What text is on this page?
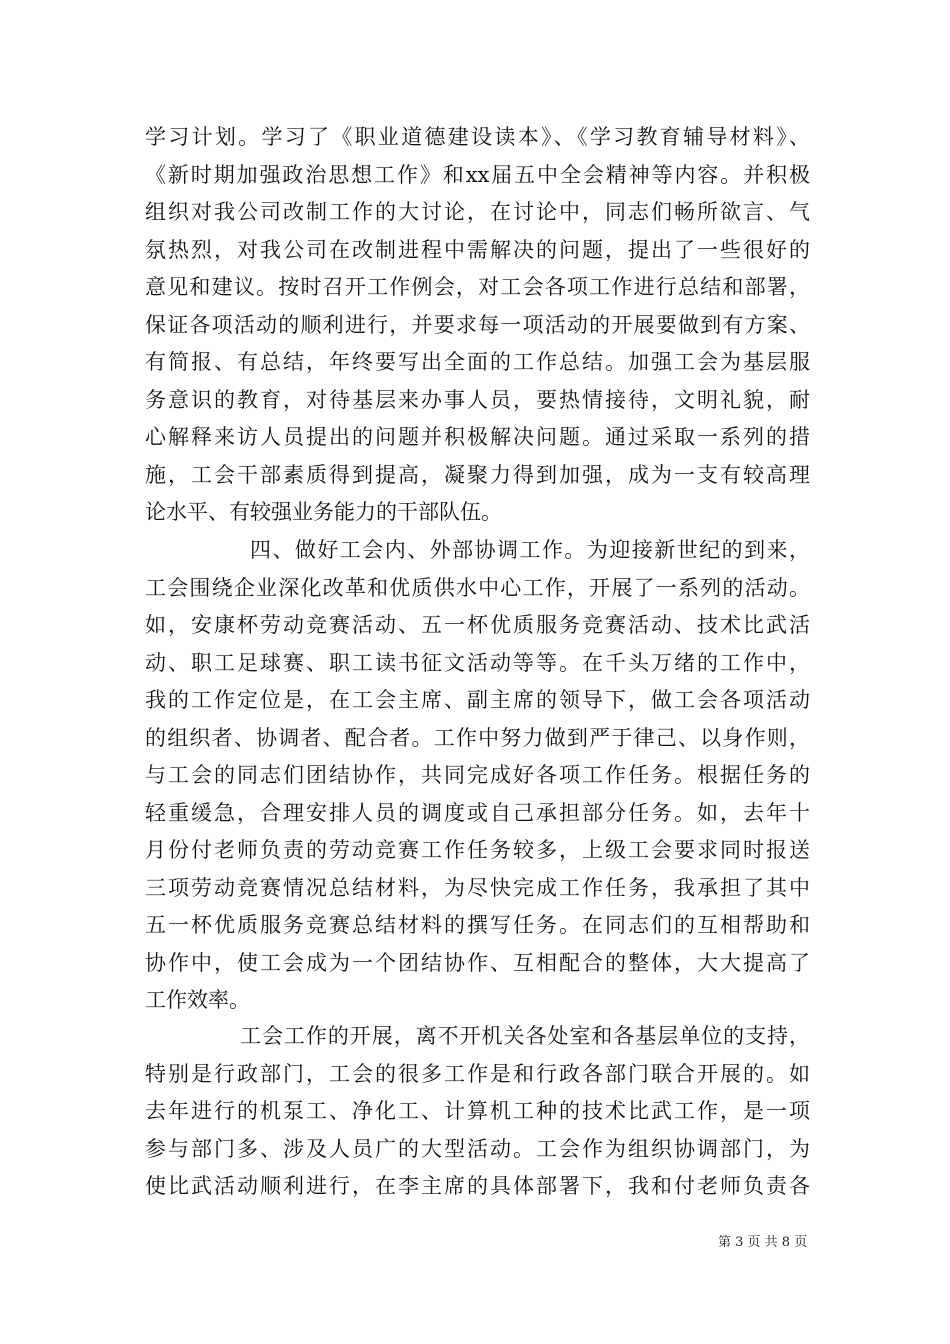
学习计划。学习了《职业道德建设读本》、《学习教育辅导材料》、
《新时期加强政治思想工作》和xx届五中全会精神等内容。并积极
组织对我公司改制工作的大讨论，在讨论中，同志们畅所欲言、气
氛热烈，对我公司在改制进程中需解决的问题，提出了一些很好的
意见和建议。按时召开工作例会，对工会各项工作进行总结和部署，
保证各项活动的顺利进行，并要求每一项活动的开展要做到有方案、
有简报、有总结，年终要写出全面的工作总结。加强工会为基层服
务意识的教育，对待基层来办事人员，要热情接待，文明礼貌，耐
心解释来访人员提出的问题并积极解决问题。通过采取一系列的措
施，工会干部素质得到提高，凝聚力得到加强，成为一支有较高理
论水平、有较强业务能力的干部队伍。
四、做好工会内、外部协调工作。为迎接新世纪的到来，
工会围绕企业深化改革和优质供水中心工作，开展了一系列的活动。
如，安康杯劳动竞赛活动、五一杯优质服务竞赛活动、技术比武活
动、职工足球赛、职工读书征文活动等等。在千头万绪的工作中，
我的工作定位是，在工会主席、副主席的领导下，做工会各项活动
的组织者、协调者、配合者。工作中努力做到严于律己、以身作则，
与工会的同志们团结协作，共同完成好各项工作任务。根据任务的
轻重缓急，合理安排人员的调度或自己承担部分任务。如，去年十
月份付老师负责的劳动竞赛工作任务较多，上级工会要求同时报送
三项劳动竞赛情况总结材料，为尽快完成工作任务，我承担了其中
五一杯优质服务竞赛总结材料的撰写任务。在同志们的互相帮助和
协作中，使工会成为一个团结协作、互相配合的整体，大大提高了
工作效率。
工会工作的开展，离不开机关各处室和各基层单位的支持，
特别是行政部门，工会的很多工作是和行政各部门联合开展的。如
去年进行的机泵工、净化工、计算机工种的技术比武工作，是一项
参与部门多、涉及人员广的大型活动。工会作为组织协调部门，为
使比武活动顺利进行，在李主席的具体部署下，我和付老师负责各
第 3 页 共 8 页
